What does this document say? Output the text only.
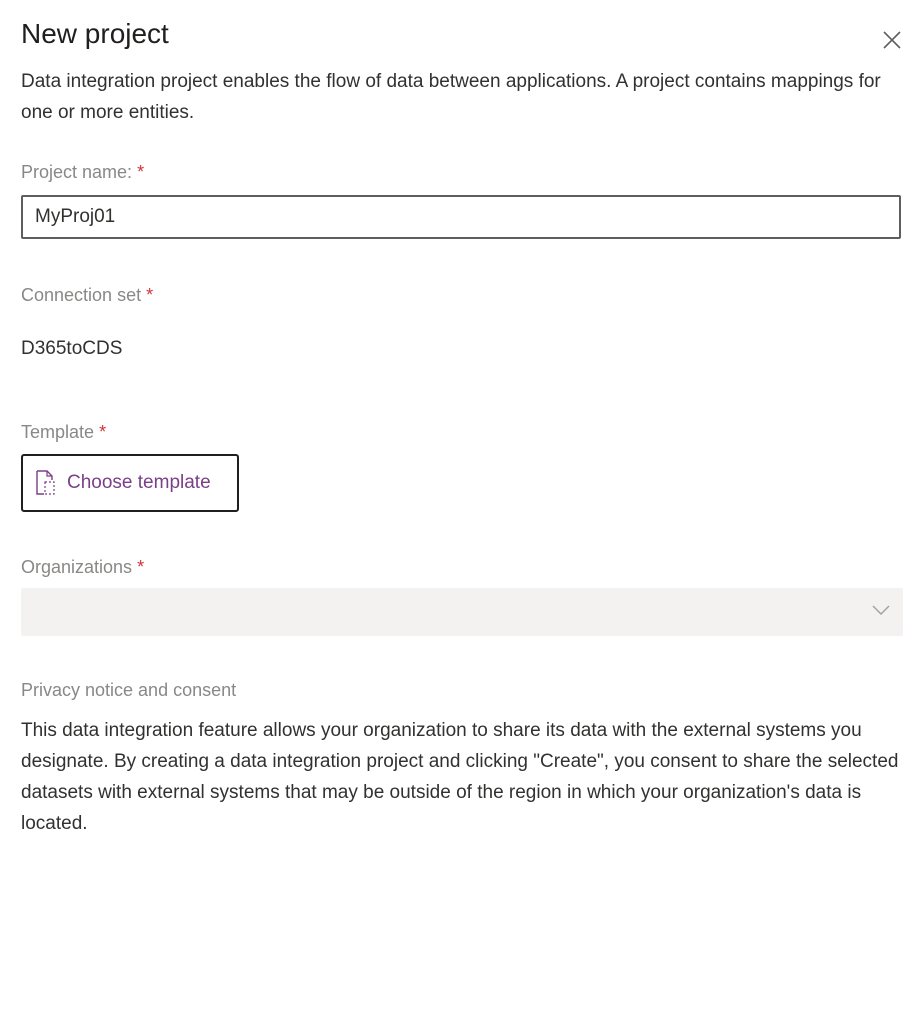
New project
Data integration project enables the flow of data between applications. A project contains mappings for one or more entities.
Project name: *
MyProj01
Connection set *
D365toCDS
Template *
Choose template
Organizations *
Privacy notice and consent
This data integration feature allows your organization to share its data with the external systems you designate. By creating a data integration project and clicking "Create", you consent to share the selected datasets with external systems that may be outside of the region in which your organization's data is located.
